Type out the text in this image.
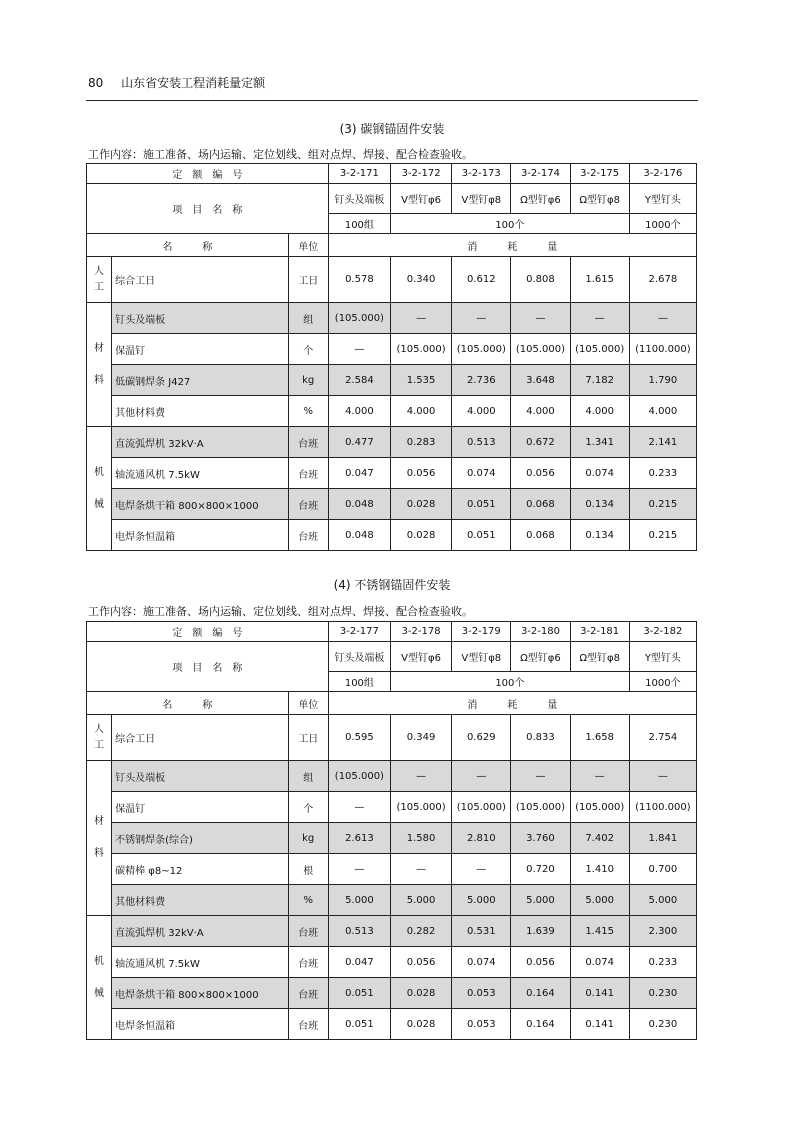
80 山东省安装工程消耗量定额
(3) 碳钢锚固件安装
工作内容：施工准备、场内运输、定位划线、组对点焊、焊接、配合检查验收。
定　额　编　号			3-2-171	3-2-172	3-2-173	3-2-174	3-2-175	3-2-176
项　目　名　称			钉头及端板	V型钉φ6	V型钉φ8	Ω型钉φ6	Ω型钉φ8	Y型钉头
			100组	100个				1000个
名　　　称		单位	消　　　耗　　　量					

人
工	综合工日	工日	0.578	0.340	0.612	0.808	1.615	2.678

材
料	钉头及端板	组	(105.000)	—	—	—	—	—
	保温钉	个	—	(105.000)	(105.000)	(105.000)	(105.000)	(1100.000)
	低碳钢焊条 J427	kg	2.584	1.535	2.736	3.648	7.182	1.790
	其他材料费	%	4.000	4.000	4.000	4.000	4.000	4.000

机
械	直流弧焊机 32kV·A	台班	0.477	0.283	0.513	0.672	1.341	2.141
	轴流通风机 7.5kW	台班	0.047	0.056	0.074	0.056	0.074	0.233
	电焊条烘干箱 800×800×1000	台班	0.048	0.028	0.051	0.068	0.134	0.215
	电焊条恒温箱	台班	0.048	0.028	0.051	0.068	0.134	0.215
(4) 不锈钢锚固件安装
工作内容：施工准备、场内运输、定位划线、组对点焊、焊接、配合检查验收。
定　额　编　号			3-2-177	3-2-178	3-2-179	3-2-180	3-2-181	3-2-182
项　目　名　称			钉头及端板	V型钉φ6	V型钉φ8	Ω型钉φ6	Ω型钉φ8	Y型钉头
			100组	100个				1000个
名　　　称		单位	消　　　耗　　　量					

人
工	综合工日	工日	0.595	0.349	0.629	0.833	1.658	2.754

材
料	钉头及端板	组	(105.000)	—	—	—	—	—
	保温钉	个	—	(105.000)	(105.000)	(105.000)	(105.000)	(1100.000)
	不锈钢焊条(综合)	kg	2.613	1.580	2.810	3.760	7.402	1.841
	碳精棒 φ8~12	根	—	—	—	0.720	1.410	0.700
	其他材料费	%	5.000	5.000	5.000	5.000	5.000	5.000

机
械	直流弧焊机 32kV·A	台班	0.513	0.282	0.531	1.639	1.415	2.300
	轴流通风机 7.5kW	台班	0.047	0.056	0.074	0.056	0.074	0.233
	电焊条烘干箱 800×800×1000	台班	0.051	0.028	0.053	0.164	0.141	0.230
	电焊条恒温箱	台班	0.051	0.028	0.053	0.164	0.141	0.230
